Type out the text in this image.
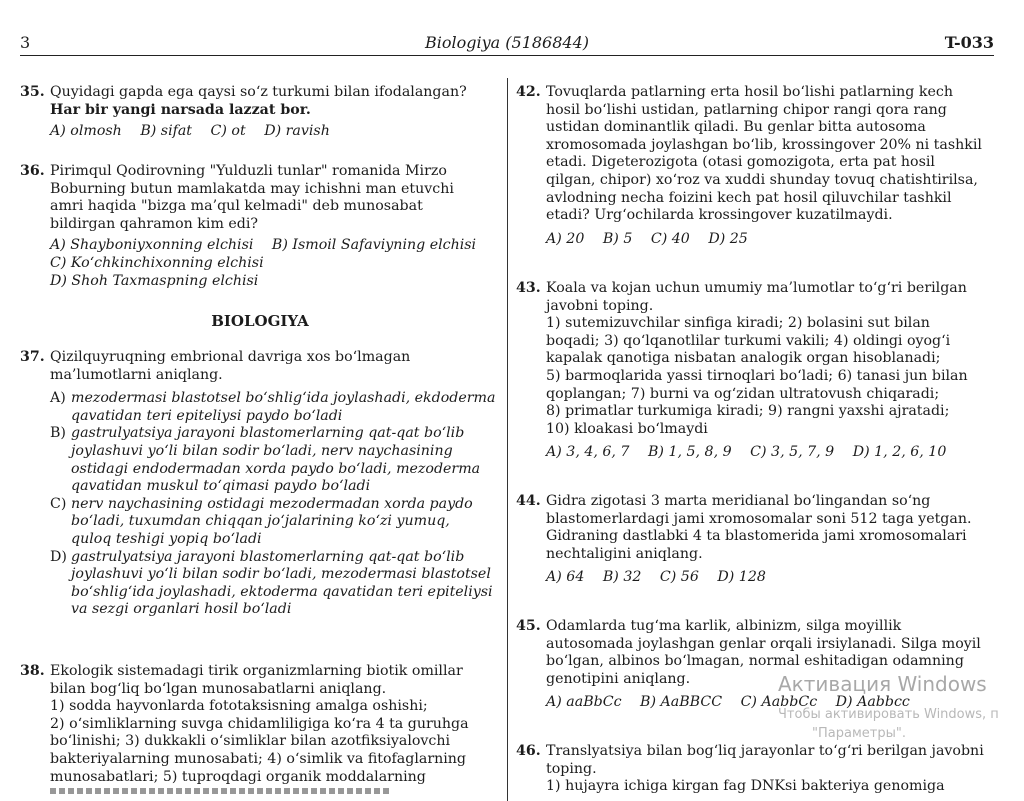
3	Biologiya (5186844)	T-033
35. Quyidagi gapda ega qaysi so‘z turkumi bilan ifodalangan?

Har bir yangi narsada lazzat bor.

A) olmosh B) sifat C) ot D) ravish
36. Pirimqul Qodirovning "Yulduzli tunlar" romanida Mirzo

Boburning butun mamlakatda may ichishni man etuvchi

amri haqida "bizga ma’qul kelmadi" deb munosabat

bildirgan qahramon kim edi?

A) Shayboniyxonning elchisi B) Ismoil Safaviyning elchisi
C) Ko‘chkinchixonning elchisi
D) Shoh Taxmaspning elchisi
BIOLOGIYA
37. Qizilquyruqning embrional davriga xos bo‘lmagan

ma’lumotlarni aniqlang.

A) mezodermasi blastotsel bo‘shlig‘ida joylashadi, ekdoderma
qavatidan teri epiteliysi paydo bo‘ladi
B) gastrulyatsiya jarayoni blastomerlarning qat-qat bo‘lib
joylashuvi yo‘li bilan sodir bo‘ladi, nerv naychasining
ostidagi endodermadan xorda paydo bo‘ladi, mezoderma
qavatidan muskul to‘qimasi paydo bo‘ladi
C) nerv naychasining ostidagi mezodermadan xorda paydo
bo‘ladi, tuxumdan chiqqan jo‘jalarining ko‘zi yumuq,
quloq teshigi yopiq bo‘ladi
D) gastrulyatsiya jarayoni blastomerlarning qat-qat bo‘lib
joylashuvi yo‘li bilan sodir bo‘ladi, mezodermasi blastotsel
bo‘shlig‘ida joylashadi, ektoderma qavatidan teri epiteliysi
va sezgi organlari hosil bo‘ladi
38. Ekologik sistemadagi tirik organizmlarning biotik omillar

bilan bog‘liq bo‘lgan munosabatlarni aniqlang.

1) sodda hayvonlarda fototaksisning amalga oshishi;

2) o‘simliklarning suvga chidamliligiga ko‘ra 4 ta guruhga

bo‘linishi; 3) dukkakli o‘simliklar bilan azotfiksiyalovchi

bakteriyalarning munosabati; 4) o‘simlik va fitofaglarning

munosabatlari; 5) tuproqdagi organik moddalarning

42. Tovuqlarda patlarning erta hosil bo‘lishi patlarning kech

hosil bo‘lishi ustidan, patlarning chipor rangi qora rang

ustidan dominantlik qiladi. Bu genlar bitta autosoma

xromosomada joylashgan bo‘lib, krossingover 20% ni tashkil

etadi. Digeterozigota (otasi gomozigota, erta pat hosil

qilgan, chipor) xo‘roz va xuddi shunday tovuq chatishtirilsa,

avlodning necha foizini kech pat hosil qiluvchilar tashkil

etadi? Urg‘ochilarda krossingover kuzatilmaydi.

A) 20 B) 5 C) 40 D) 25
43. Koala va kojan uchun umumiy ma’lumotlar to‘g‘ri berilgan

javobni toping.

1) sutemizuvchilar sinfiga kiradi; 2) bolasini sut bilan

boqadi; 3) qo‘lqanotlilar turkumi vakili; 4) oldingi oyog‘i

kapalak qanotiga nisbatan analogik organ hisoblanadi;

5) barmoqlarida yassi tirnoqlari bo‘ladi; 6) tanasi jun bilan

qoplangan; 7) burni va og‘zidan ultratovush chiqaradi;

8) primatlar turkumiga kiradi; 9) rangni yaxshi ajratadi;

10) kloakasi bo‘lmaydi

A) 3, 4, 6, 7 B) 1, 5, 8, 9 C) 3, 5, 7, 9 D) 1, 2, 6, 10
44. Gidra zigotasi 3 marta meridianal bo‘lingandan so‘ng

blastomerlardagi jami xromosomalar soni 512 taga yetgan.

Gidraning dastlabki 4 ta blastomerida jami xromosomalari

nechtaligini aniqlang.

A) 64 B) 32 C) 56 D) 128
45. Odamlarda tug‘ma karlik, albinizm, silga moyillik

autosomada joylashgan genlar orqali irsiylanadi. Silga moyil

bo‘lgan, albinos bo‘lmagan, normal eshitadigan odamning

genotipini aniqlang.

A) aaBbCc B) AaBBCC C) AabbCc D) Aabbcc
46. Translyatsiya bilan bog‘liq jarayonlar to‘g‘ri berilgan javobni

toping.

1) hujayra ichiga kirgan fag DNKsi bakteriya genomiga

Активация Windows
Чтобы активировать Windows, п
"Параметры".
